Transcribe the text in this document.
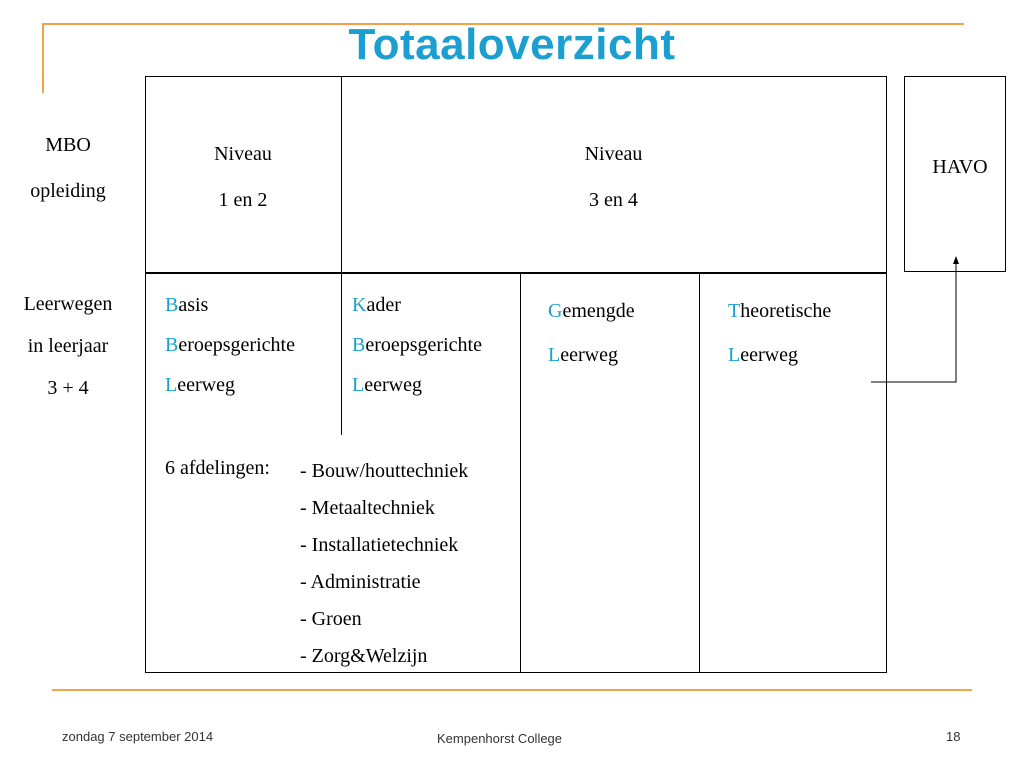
Totaaloverzicht
MBO
opleiding
Leerwegen
in leerjaar
3 + 4
Niveau
1 en 2
Niveau
3 en 4
HAVO
Basis
Beroepsgerichte
Leerweg
Kader
Beroepsgerichte
Leerweg
Gemengde
Leerweg
Theoretische
Leerweg
6 afdelingen: - Bouw/houttechniek
- Metaaltechniek
- Installatietechniek
- Administratie
- Groen
- Zorg&Welzijn
zondag 7 september 2014	Kempenhorst College	18
